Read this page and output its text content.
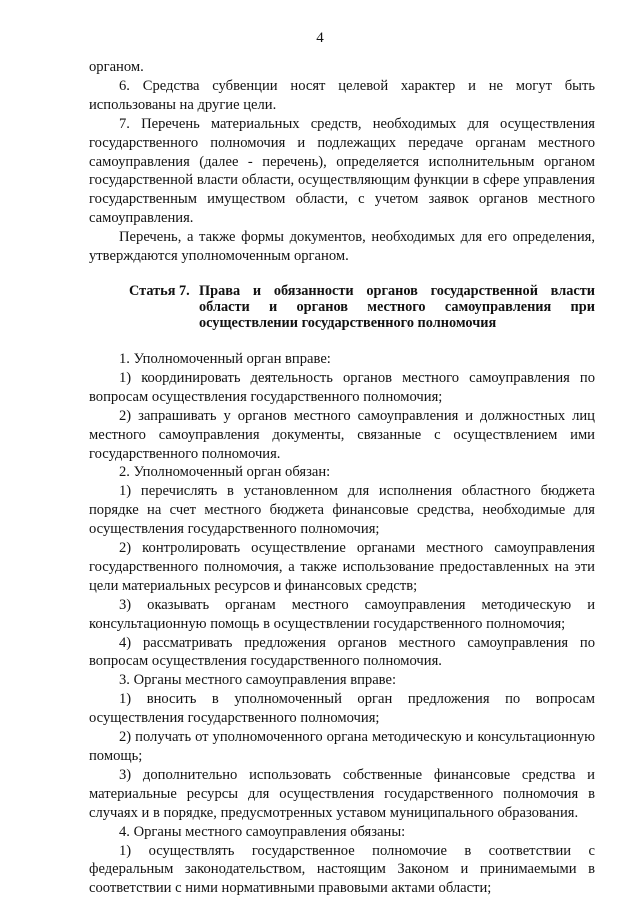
4

органом.

6. Средства субвенции носят целевой характер и не могут быть использованы на другие цели.

7. Перечень материальных средств, необходимых для осуществления государственного полномочия и подлежащих передаче органам местного самоуправления (далее - перечень), определяется исполнительным органом государственной власти области, осуществляющим функции в сфере управления государственным имуществом области, с учетом заявок органов местного самоуправления.

Перечень, а также формы документов, необходимых для его определения, утверждаются уполномоченным органом.

Статья 7. Права и обязанности органов государственной власти области и органов местного самоуправления при осуществлении государственного полномочия

1. Уполномоченный орган вправе:

1) координировать деятельность органов местного самоуправления по вопросам осуществления государственного полномочия;

2) запрашивать у органов местного самоуправления и должностных лиц местного самоуправления документы, связанные с осуществлением ими государственного полномочия.

2. Уполномоченный орган обязан:

1) перечислять в установленном для исполнения областного бюджета порядке на счет местного бюджета финансовые средства, необходимые для осуществления государственного полномочия;

2) контролировать осуществление органами местного самоуправления государственного полномочия, а также использование предоставленных на эти цели материальных ресурсов и финансовых средств;

3) оказывать органам местного самоуправления методическую и консультационную помощь в осуществлении государственного полномочия;

4) рассматривать предложения органов местного самоуправления по вопросам осуществления государственного полномочия.

3. Органы местного самоуправления вправе:

1) вносить в уполномоченный орган предложения по вопросам осуществления государственного полномочия;

2) получать от уполномоченного органа методическую и консультационную помощь;

3) дополнительно использовать собственные финансовые средства и материальные ресурсы для осуществления государственного полномочия в случаях и в порядке, предусмотренных уставом муниципального образования.

4. Органы местного самоуправления обязаны:

1) осуществлять государственное полномочие в соответствии с федеральным законодательством, настоящим Законом и принимаемыми в соответствии с ними нормативными правовыми актами области;
